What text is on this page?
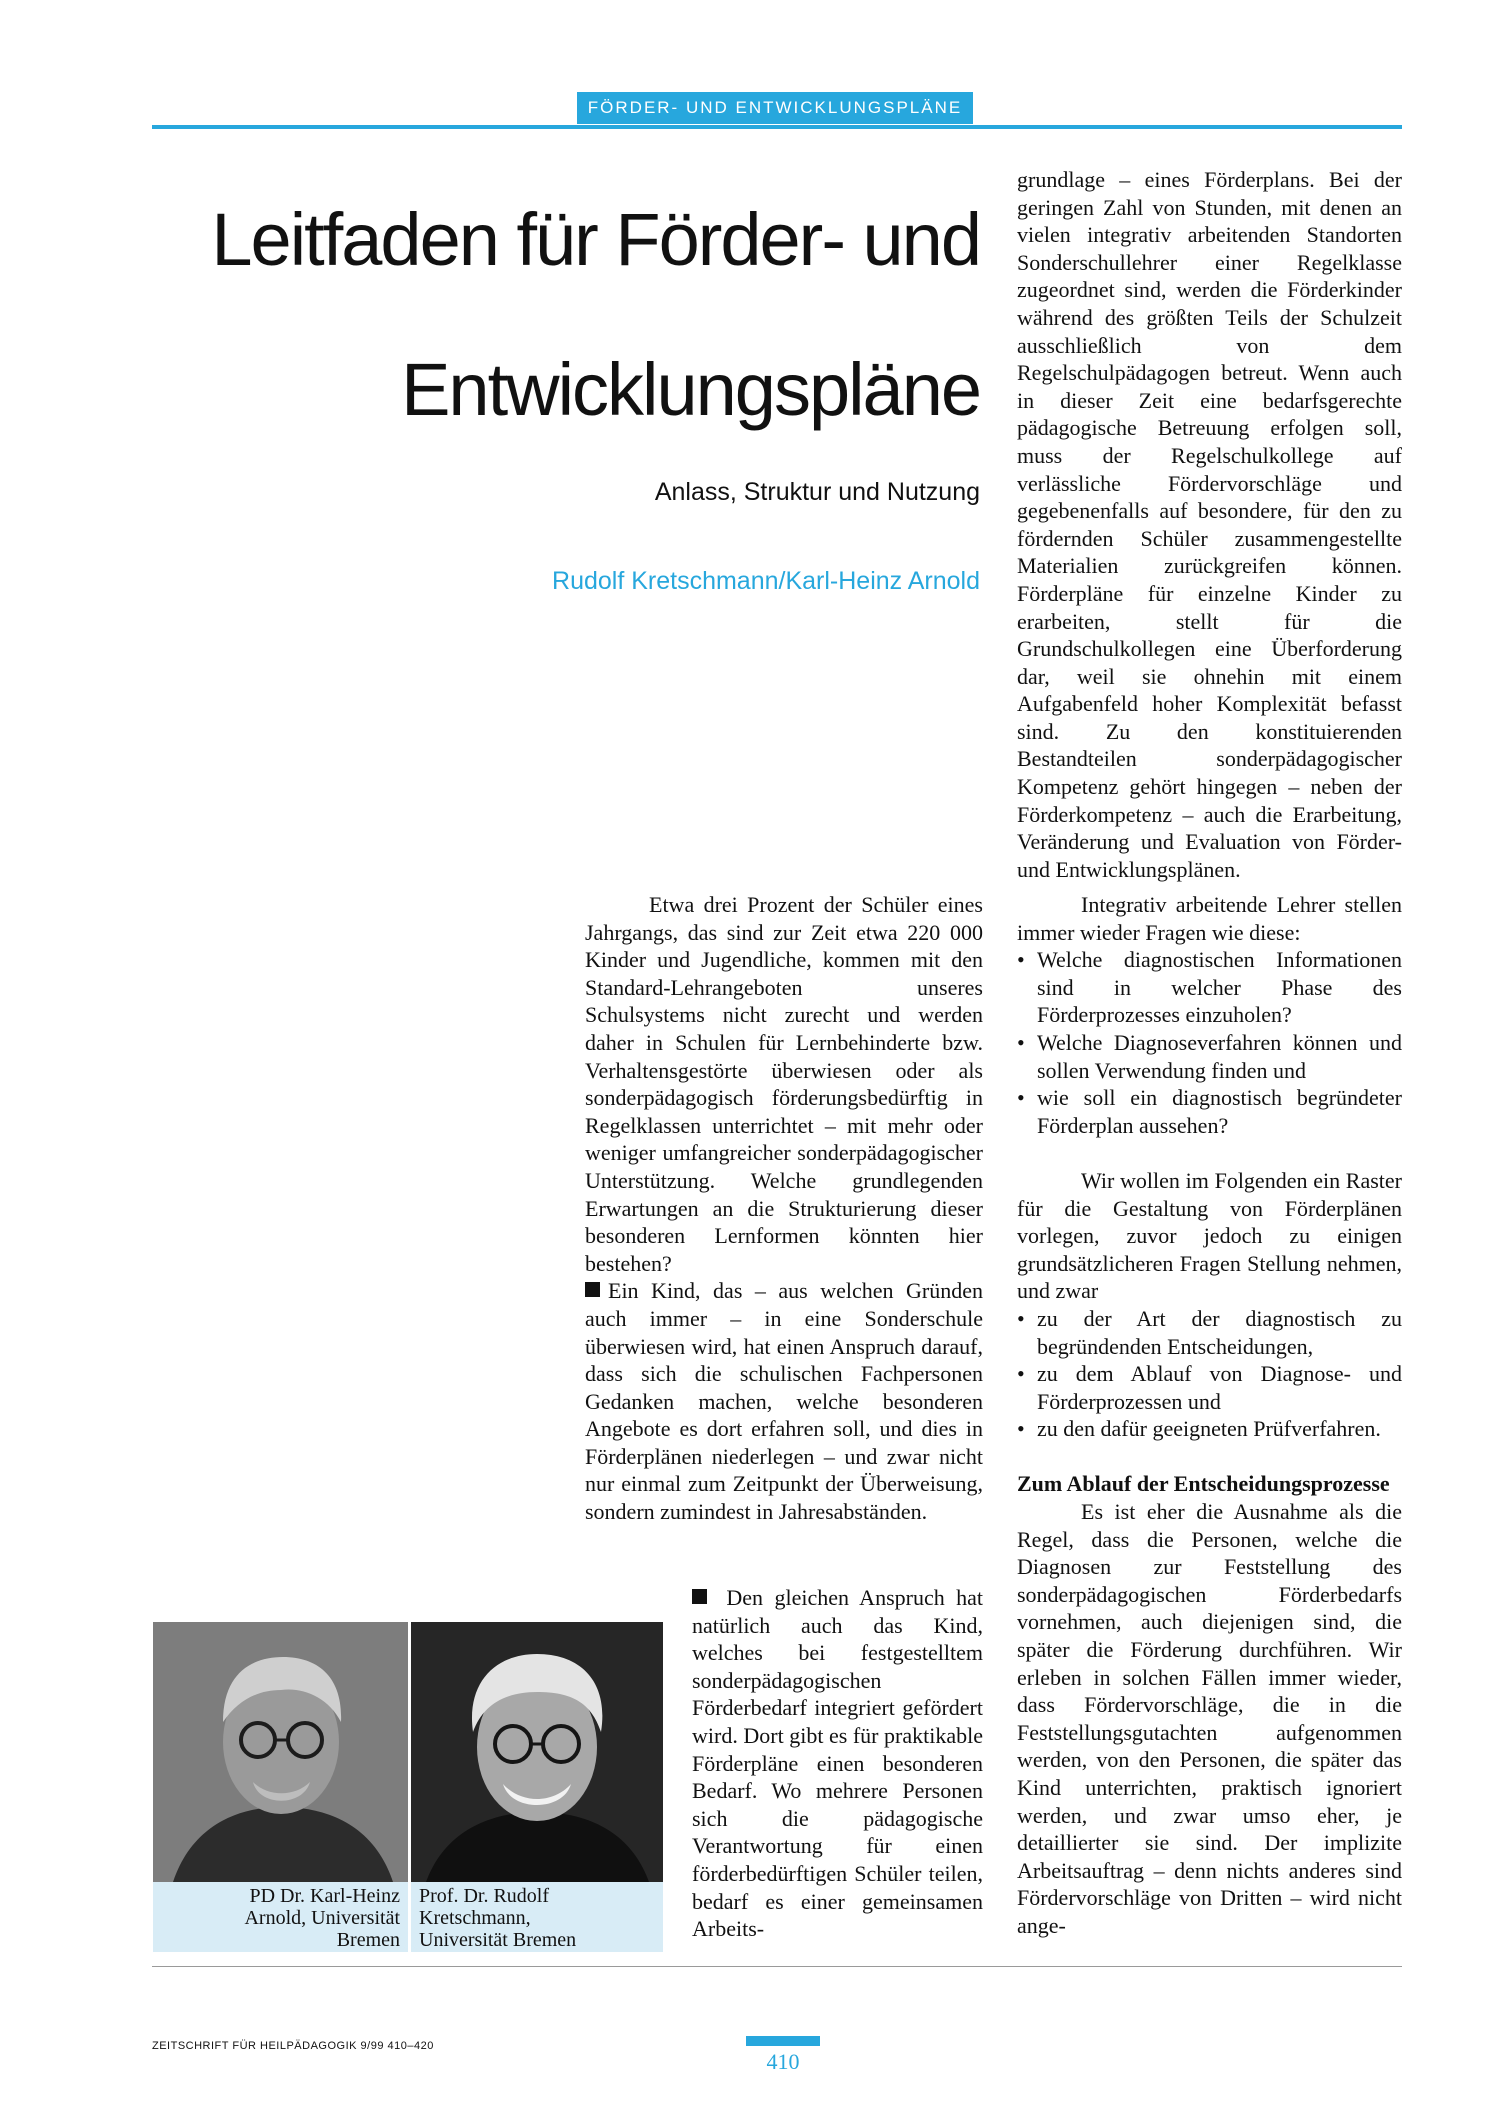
FÖRDER- UND ENTWICKLUNGSPLÄNE
Leitfaden für Förder- und
Entwicklungspläne
Anlass, Struktur und Nutzung
Rudolf Kretschmann/Karl-Heinz Arnold

grundlage – eines Förderplans. Bei der geringen Zahl von Stunden, mit denen an vielen integrativ arbeitenden Standorten Sonderschullehrer einer Regelklasse zugeordnet sind, werden die Förderkinder während des größten Teils der Schulzeit ausschließlich von dem Regelschulpädagogen betreut. Wenn auch in dieser Zeit eine bedarfsgerechte pädagogische Betreuung erfolgen soll, muss der Regelschulkollege auf verlässliche Fördervorschläge und gegebenenfalls auf besondere, für den zu fördernden Schüler zusammengestellte Materialien zurückgreifen können. Förderpläne für einzelne Kinder zu erarbeiten, stellt für die Grundschulkollegen eine Überforderung dar, weil sie ohnehin mit einem Aufgabenfeld hoher Komplexität befasst sind. Zu den konstituierenden Bestandteilen sonderpädagogischer Kompetenz gehört hingegen – neben der Förderkompetenz – auch die Erarbeitung, Veränderung und Evaluation von Förder- und Entwicklungsplänen.

Etwa drei Prozent der Schüler eines Jahrgangs, das sind zur Zeit etwa 220 000 Kinder und Jugendliche, kommen mit den Standard-Lehrangeboten unseres Schulsystems nicht zurecht und werden daher in Schulen für Lernbehinderte bzw. Verhaltensgestörte überwiesen oder als sonderpädagogisch förderungsbedürftig in Regelklassen unterrichtet – mit mehr oder weniger umfangreicher sonderpädagogischer Unterstützung. Welche grundlegenden Erwartungen an die Strukturierung dieser besonderen Lernformen könnten hier bestehen?

Ein Kind, das – aus welchen Gründen auch immer – in eine Sonderschule überwiesen wird, hat einen Anspruch darauf, dass sich die schulischen Fachpersonen Gedanken machen, welche besonderen Angebote es dort erfahren soll, und dies in Förderplänen niederlegen – und zwar nicht nur einmal zum Zeitpunkt der Überweisung, sondern zumindest in Jahresabständen.

Den gleichen Anspruch hat natürlich auch das Kind, welches bei festgestelltem sonderpädagogischen Förderbedarf integriert gefördert wird. Dort gibt es für praktikable Förderpläne einen besonderen Bedarf. Wo mehrere Personen sich die pädagogische Verantwortung für einen förderbedürftigen Schüler teilen, bedarf es einer gemeinsamen Arbeits-

Integrativ arbeitende Lehrer stellen immer wieder Fragen wie diese:

• Welche diagnostischen Informationen sind in welcher Phase des Förderprozesses einzuholen?
• Welche Diagnoseverfahren können und sollen Verwendung finden und
• wie soll ein diagnostisch begründeter Förderplan aussehen?

Wir wollen im Folgenden ein Raster für die Gestaltung von Förderplänen vorlegen, zuvor jedoch zu einigen grundsätzlicheren Fragen Stellung nehmen, und zwar

• zu der Art der diagnostisch zu begründenden Entscheidungen,
• zu dem Ablauf von Diagnose- und Förderprozessen und
• zu den dafür geeigneten Prüfverfahren.
Zum Ablauf der Entscheidungsprozesse

Es ist eher die Ausnahme als die Regel, dass die Personen, welche die Diagnosen zur Feststellung des sonderpädagogischen Förderbedarfs vornehmen, auch diejenigen sind, die später die Förderung durchführen. Wir erleben in solchen Fällen immer wieder, dass Fördervorschläge, die in die Feststellungsgutachten aufgenommen werden, von den Personen, die später das Kind unterrichten, praktisch ignoriert werden, und zwar umso eher, je detaillierter sie sind. Der implizite Arbeitsauftrag – denn nichts anderes sind Fördervorschläge von Dritten – wird nicht ange-

PD Dr. Karl-Heinz
Arnold, Universität
Bremen
Prof. Dr. Rudolf
Kretschmann,
Universität Bremen
ZEITSCHRIFT FÜR HEILPÄDAGOGIK 9/99 410–420
410
